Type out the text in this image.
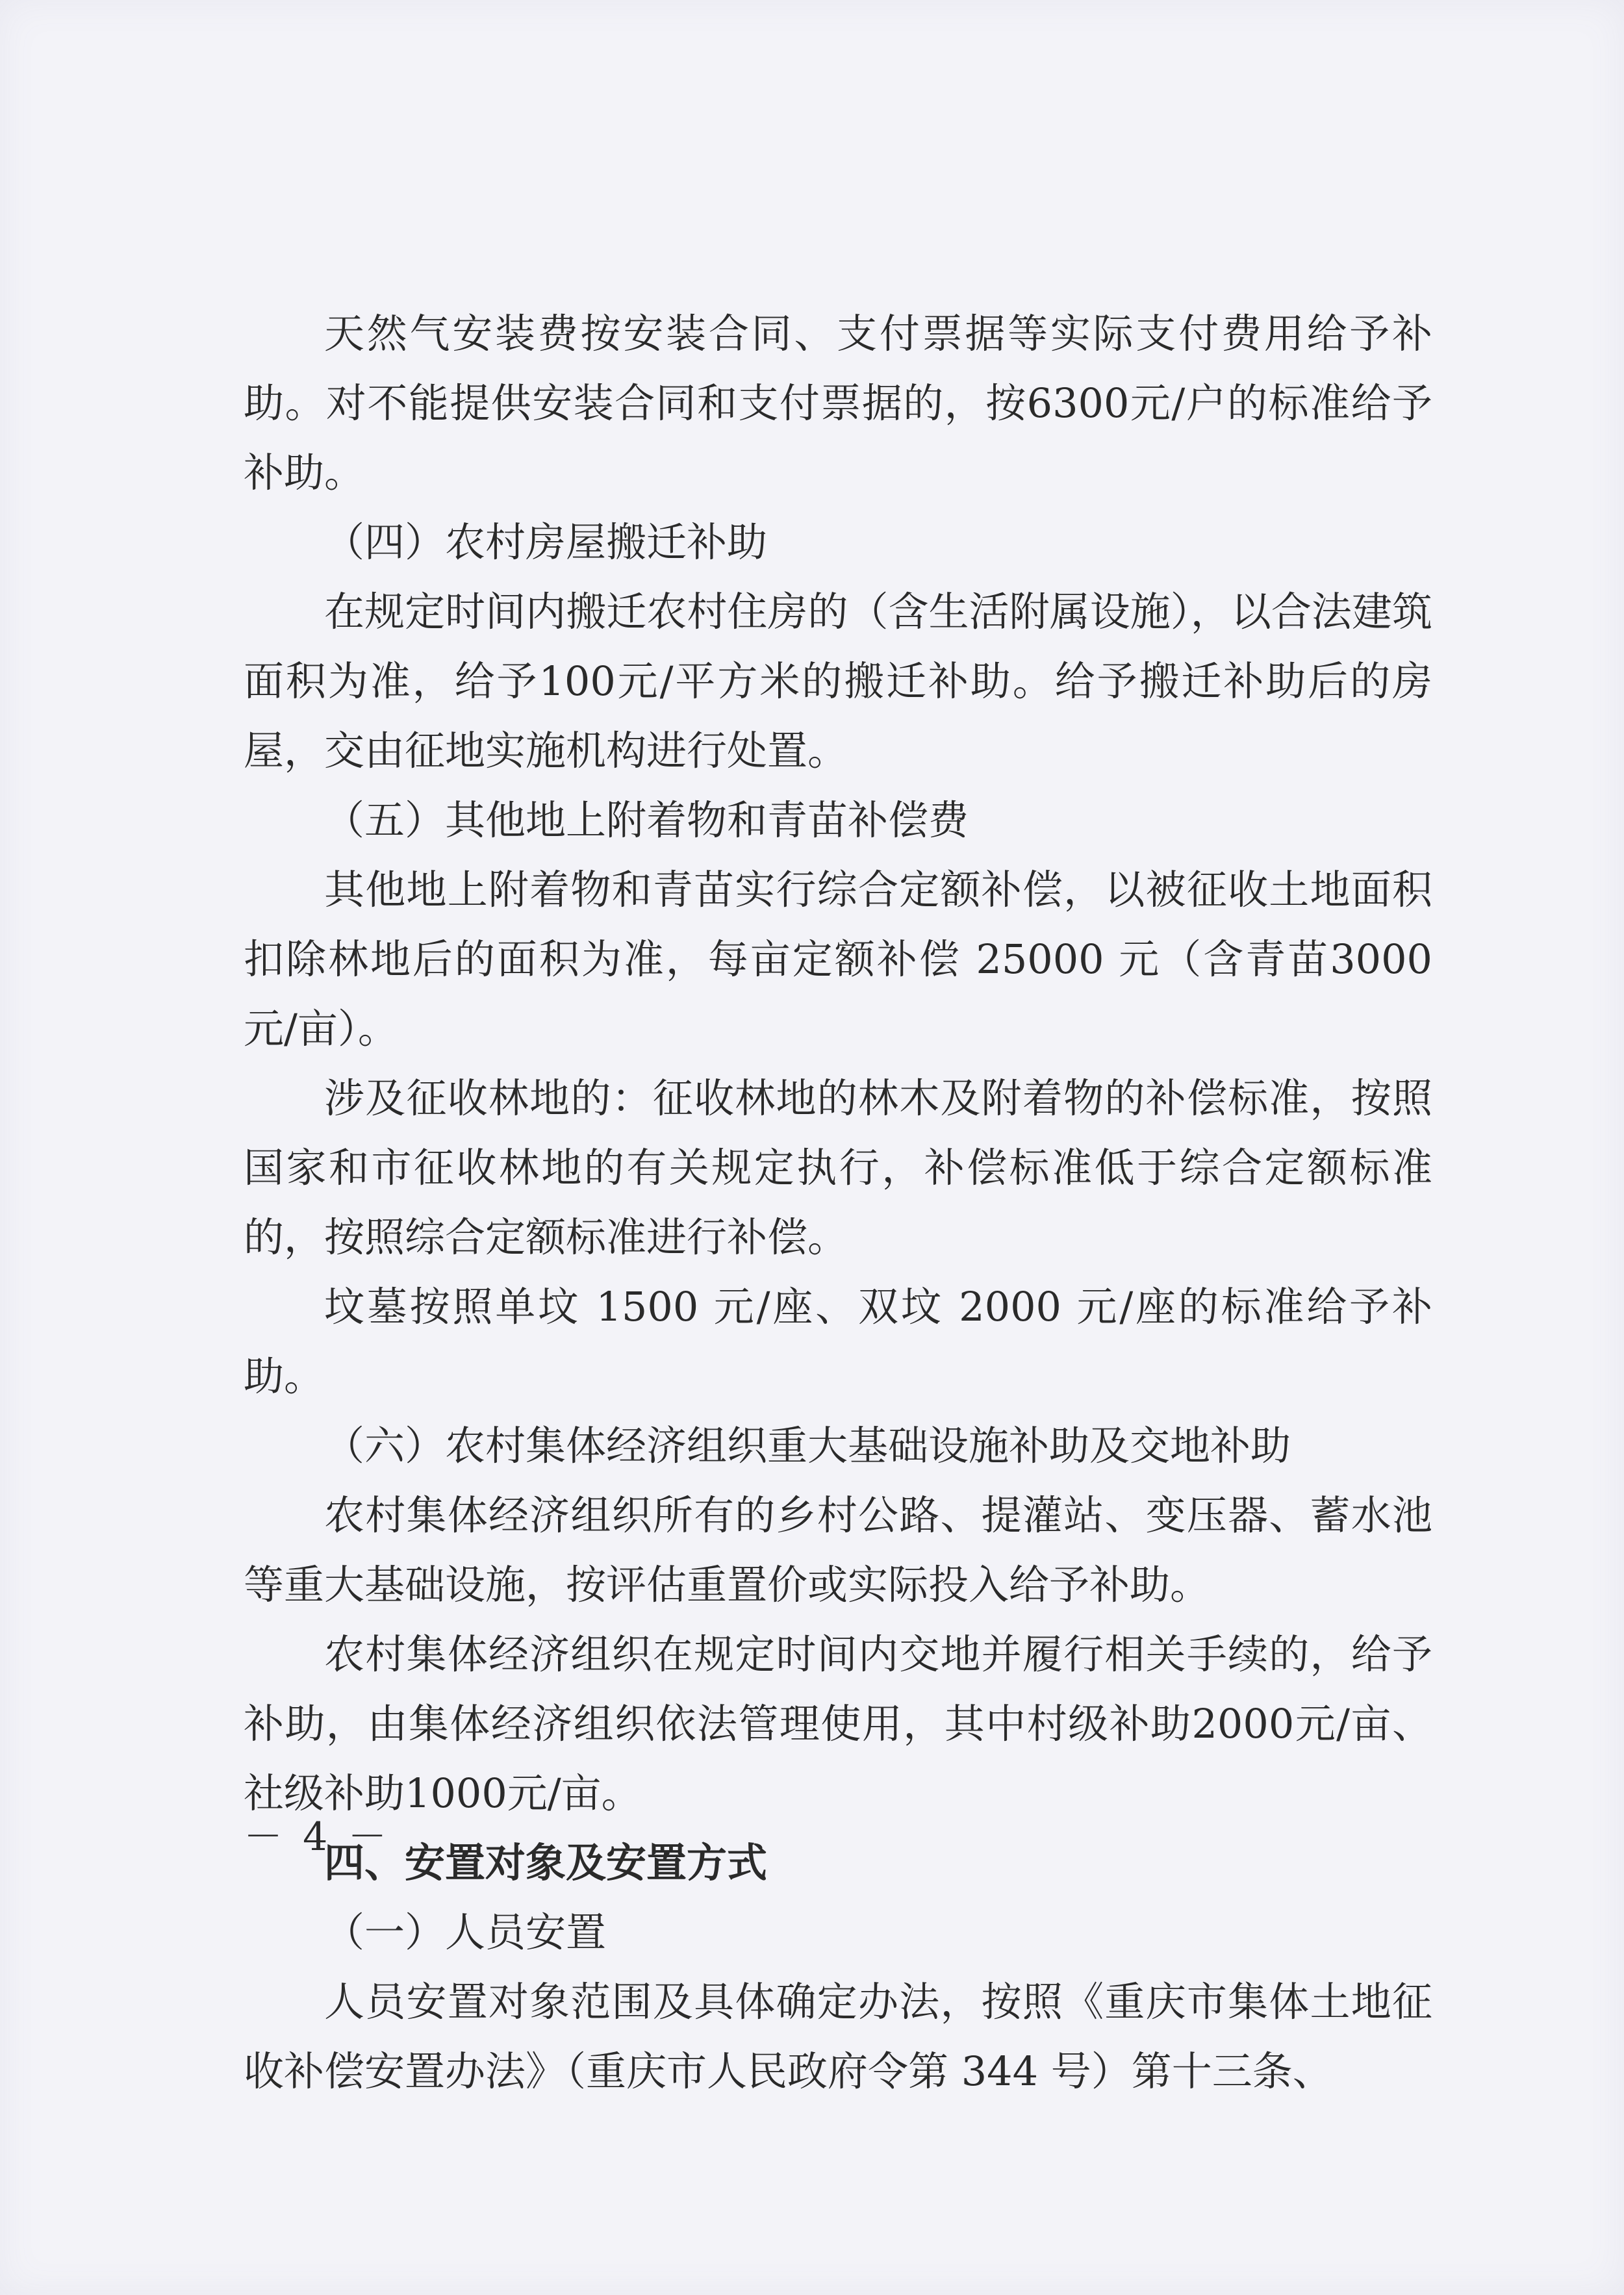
天然气安装费按安装合同、支付票据等实际支付费用给予补助。对不能提供安装合同和支付票据的，按6300元/户的标准给予补助。

（四）农村房屋搬迁补助

在规定时间内搬迁农村住房的（含生活附属设施），以合法建筑面积为准，给予100元/平方米的搬迁补助。给予搬迁补助后的房屋，交由征地实施机构进行处置。

（五）其他地上附着物和青苗补偿费

其他地上附着物和青苗实行综合定额补偿，以被征收土地面积扣除林地后的面积为准，每亩定额补偿 25000 元（含青苗3000 元/亩）。

涉及征收林地的：征收林地的林木及附着物的补偿标准，按照国家和市征收林地的有关规定执行，补偿标准低于综合定额标准的，按照综合定额标准进行补偿。

坟墓按照单坟 1500 元/座、双坟 2000 元/座的标准给予补助。

（六）农村集体经济组织重大基础设施补助及交地补助

农村集体经济组织所有的乡村公路、提灌站、变压器、蓄水池等重大基础设施，按评估重置价或实际投入给予补助。

农村集体经济组织在规定时间内交地并履行相关手续的，给予补助，由集体经济组织依法管理使用，其中村级补助2000元/亩、社级补助1000元/亩。

四、安置对象及安置方式

（一）人员安置

人员安置对象范围及具体确定办法，按照《重庆市集体土地征收补偿安置办法》（重庆市人民政府令第 344 号）第十三条、

－ 4 －
